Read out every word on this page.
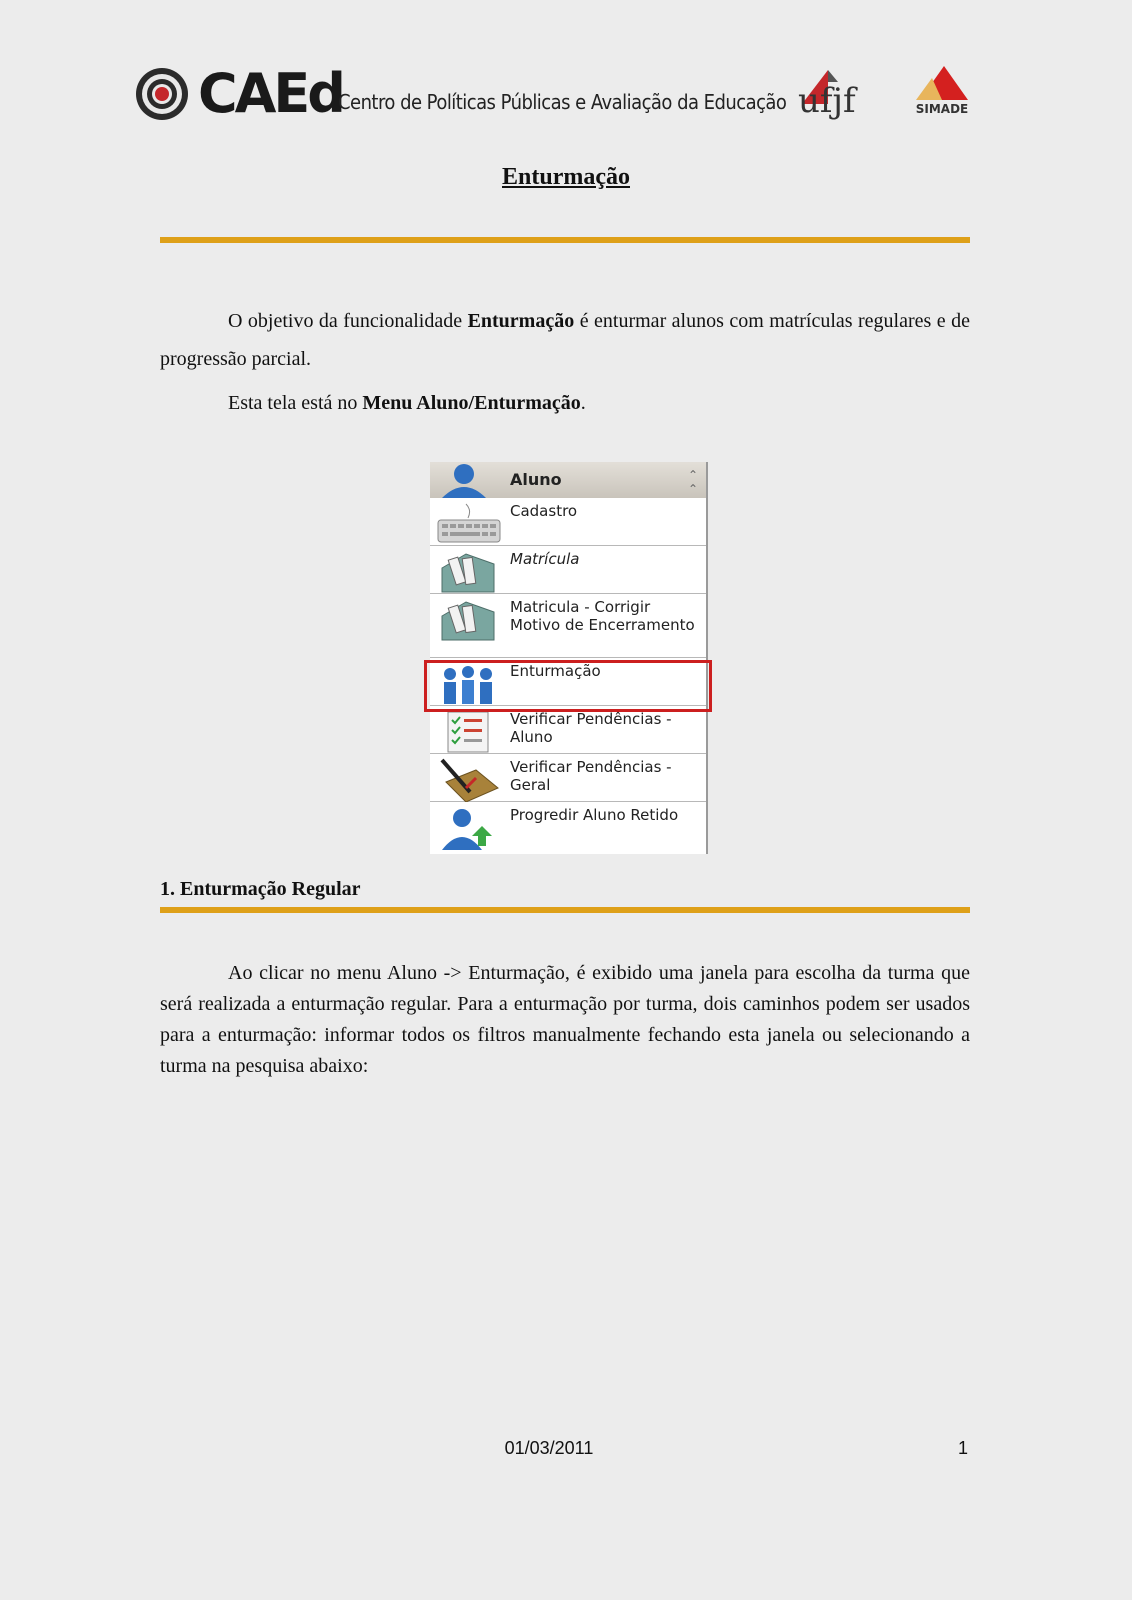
CAEd
Centro de Políticas Públicas e Avaliação da Educação ufjf	SIMADE
Enturmação
O objetivo da funcionalidade Enturmação é enturmar alunos com matrículas regulares e de progressão parcial.
Esta tela está no Menu Aluno/Enturmação.
Aluno	⌃
⌃
Cadastro
Matrícula
Matricula - Corrigir Motivo de Encerramento
Enturmação
Verificar Pendências - Aluno
Verificar Pendências - Geral
Progredir Aluno Retido
1. Enturmação Regular
Ao clicar no menu Aluno -> Enturmação, é exibido uma janela para escolha da turma que será realizada a enturmação regular. Para a enturmação por turma, dois caminhos podem ser usados para a enturmação: informar todos os filtros manualmente fechando esta janela ou selecionando a turma na pesquisa abaixo:
01/03/2011	1
